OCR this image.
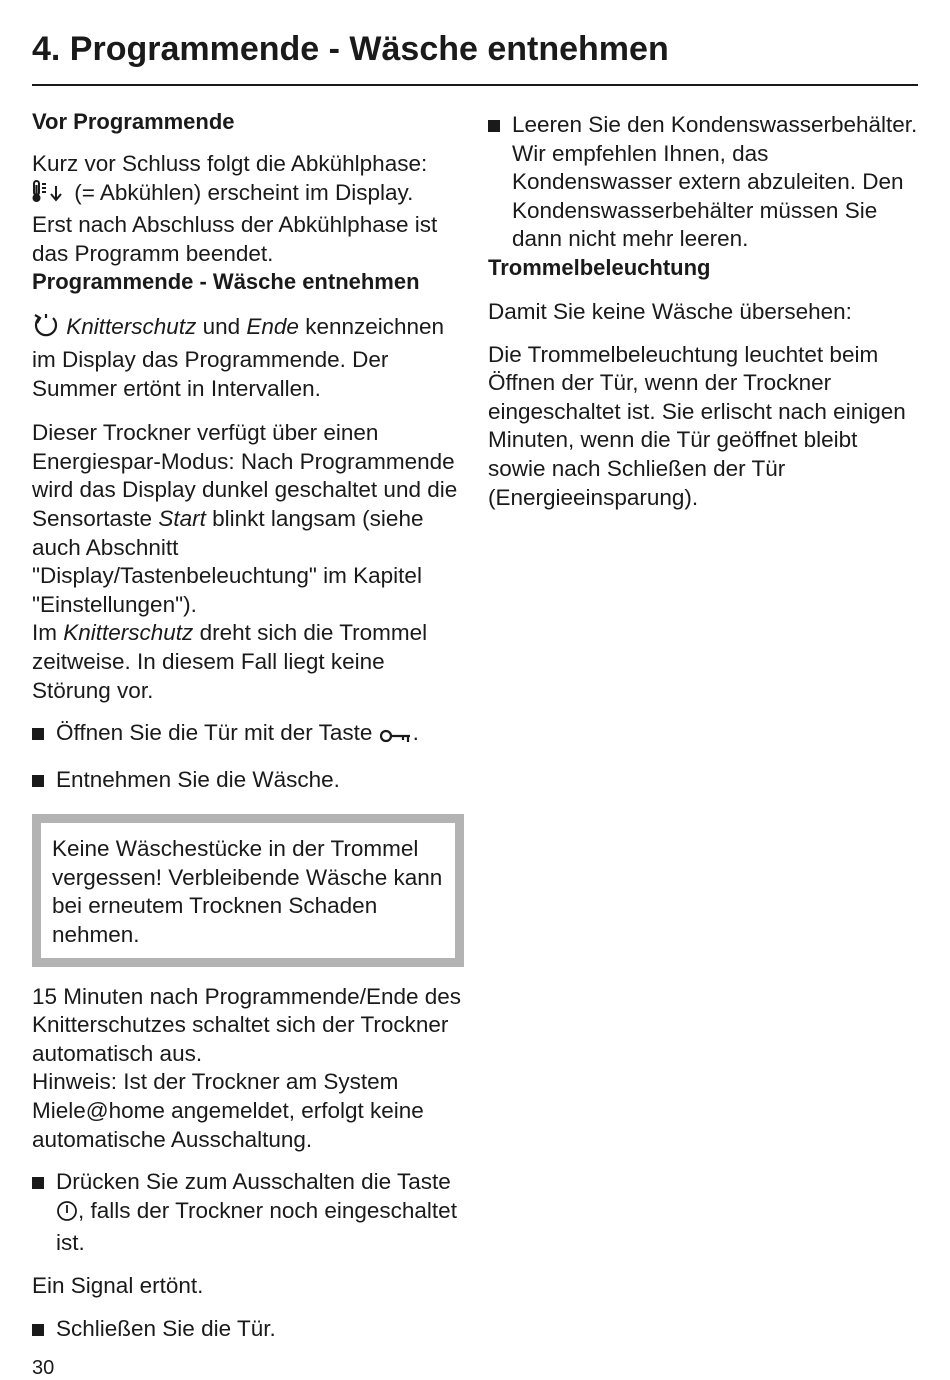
4. Programmende - Wäsche entnehmen
Vor Programmende
Kurz vor Schluss folgt die Abkühlphase:
(= Abkühlen) erscheint im Display.
Erst nach Abschluss der Abkühlphase ist das Programm beendet.
Programmende - Wäsche entnehmen
Knitterschutz und Ende kennzeichnen im Display das Programmende. Der Summer ertönt in Intervallen.
Dieser Trockner verfügt über einen Energiespar-Modus: Nach Programmende wird das Display dunkel geschaltet und die Sensortaste Start blinkt langsam (siehe auch Abschnitt "Display/Tastenbeleuchtung" im Kapitel "Einstellungen").
Im Knitterschutz dreht sich die Trommel zeitweise. In diesem Fall liegt keine Störung vor.
Öffnen Sie die Tür mit der Taste .
Entnehmen Sie die Wäsche.
Keine Wäschestücke in der Trommel vergessen! Verbleibende Wäsche kann bei erneutem Trocknen Schaden nehmen.
15 Minuten nach Programmende/Ende des Knitterschutzes schaltet sich der Trockner automatisch aus.
Hinweis: Ist der Trockner am System Miele@home angemeldet, erfolgt keine automatische Ausschaltung.
Drücken Sie zum Ausschalten die Taste , falls der Trockner noch eingeschaltet ist.
Ein Signal ertönt.
Schließen Sie die Tür.
Leeren Sie den Kondenswasserbehälter.
Wir empfehlen Ihnen, das Kondenswasser extern abzuleiten. Den Kondenswasserbehälter müssen Sie dann nicht mehr leeren.
Trommelbeleuchtung
Damit Sie keine Wäsche übersehen:
Die Trommelbeleuchtung leuchtet beim Öffnen der Tür, wenn der Trockner eingeschaltet ist. Sie erlischt nach einigen Minuten, wenn die Tür geöffnet bleibt sowie nach Schließen der Tür (Energieeinsparung).
30
